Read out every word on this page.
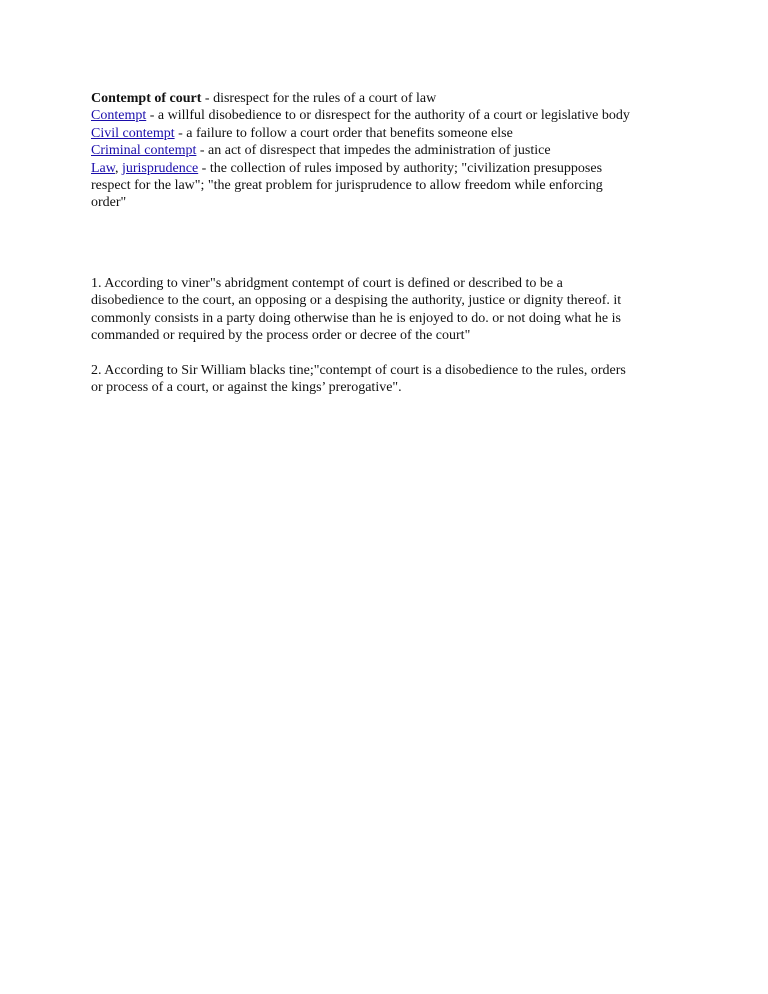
Contempt of court - disrespect for the rules of a court of law
Contempt - a willful disobedience to or disrespect for the authority of a court or legislative body
Civil contempt - a failure to follow a court order that benefits someone else
Criminal contempt - an act of disrespect that impedes the administration of justice
Law, jurisprudence - the collection of rules imposed by authority; "civilization presupposes
respect for the law"; "the great problem for jurisprudence to allow freedom while enforcing
order"
1. According to viner"s abridgment contempt of court is defined or described to be a
disobedience to the court, an opposing or a despising the authority, justice or dignity thereof. it
commonly consists in a party doing otherwise than he is enjoyed to do. or not doing what he is
commanded or required by the process order or decree of the court"
2. According to Sir William blacks tine;"contempt of court is a disobedience to the rules, orders
or process of a court, or against the kings’ prerogative".
